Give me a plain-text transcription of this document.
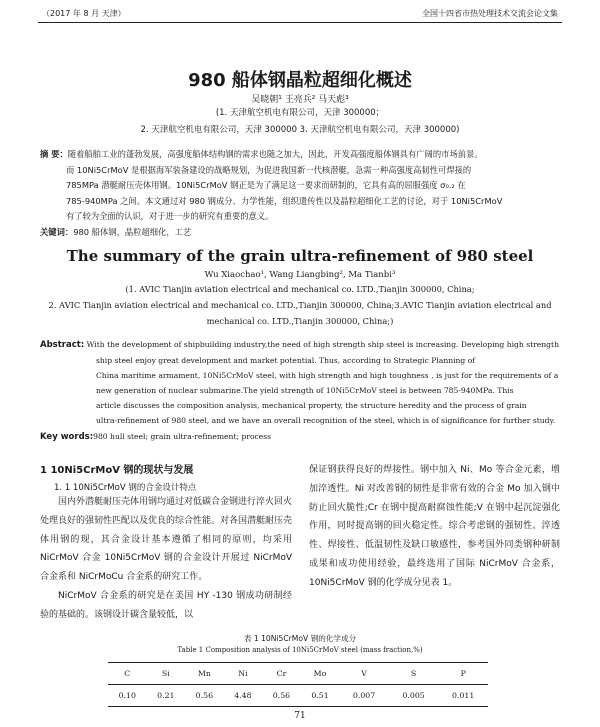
（2017 年 8 月 天津）	全国十四省市热处理技术交流会论文集
980 船体钢晶粒超细化概述
吴晓朝¹ 王亮兵² 马天彪³
(1. 天津航空机电有限公司，天津 300000；
2. 天津航空机电有限公司，天津 300000 3. 天津航空机电有限公司，天津 300000)
摘 要：随着船舶工业的蓬勃发展，高强度船体结构钢的需求也随之加大，因此，开发高强度船体钢具有广阔的市场前景。
而 10Ni5CrMoV 是根据海军装备建设的战略规划，为促进我国新一代核潜艇，急需一种高强度高韧性可焊接的
785MPa 潜艇耐压壳体用钢。10Ni5CrMoV 钢正是为了满足这一要求而研制的，它具有高的屈服强度 σ₀.₂ 在
785-940MPa 之间。本文通过对 980 钢成分、力学性能，组织遗传性以及晶粒超细化工艺的讨论，对于 10Ni5CrMoV
有了较为全面的认识，对于进一步的研究有重要的意义。
关键词：980 船体钢，晶粒超细化，工艺
The summary of the grain ultra-refinement of 980 steel
Wu Xiaochao¹, Wang Liangbing², Ma Tianbi³
(1. AVIC Tianjin aviation electrical and mechanical co. LTD.,Tianjin 300000, China;
2. AVIC Tianjin aviation electrical and mechanical co. LTD.,Tianjin 300000, China;3.AVIC Tianjin aviation electrical and
mechanical co. LTD.,Tianjin 300000, China;)
Abstract: With the development of shipbuilding industry,the need of high strength ship steel is increasing. Developing high strength
ship steel enjoy great development and market potential. Thus, according to Strategic Planning of
China maritime armament, 10Ni5CrMoV steel, with high strength and high toughness , is just for the requirements of a
new generation of nuclear submarine.The yield strength of 10Ni5CrMoV steel is between 785-940MPa. This
article discusses the composition analysis, mechanical property, the structure heredity and the process of grain
ultra-refinement of 980 steel, and we have an overall recognition of the steel, which is of significance for further study.
Key words:980 hull steel; grain ultra-refinement; process
1 10Ni5CrMoV 钢的现状与发展
1. 1 10Ni5CrMoV 钢的合金设计特点

国内外潜艇耐压壳体用钢均通过对低碳合金钢进行淬火回火处理良好的强韧性匹配以及优良的综合性能。对各国潜艇耐压壳体用钢的现，其合金设计基本遵循了相同的原则，均采用 NiCrMoV 合金 10Ni5CrMoV 钢的合金设计开展过 NiCrMoV 合金系和 NiCrMoCu 合金系的研究工作。

NiCrMoV 合金系的研究是在美国 HY -130 钢成功研制经验的基础的。该钢设计碳含量较低，以

保证钢获得良好的焊接性。钢中加入 Ni、Mo 等合金元素，增加淬透性。Ni 对改善钢的韧性是非常有效的合金 Mo 加入钢中防止回火脆性;Cr 在钢中提高耐腐蚀性能;V 在钢中起沉淀强化作用，同时提高钢的回火稳定性。综合考虑钢的强韧性、淬透性、焊接性、低温韧性及缺口敏感性，参考国外同类钢种研制成果和成功使用经验，最终选用了国际 NiCrMoV 合金系，10Ni5CrMoV 钢的化学成分见表 1。

表 1 10Ni5CrMoV 钢的化学成分
Table 1 Composition analysis of 10Ni5CrMoV steel (mass fraction,%)
C	Si	Mn	Ni	Cr	Mo	V	S	P
0.10	0.21	0.56	4.48	0.56	0.51	0.007	0.005	0.011
71
